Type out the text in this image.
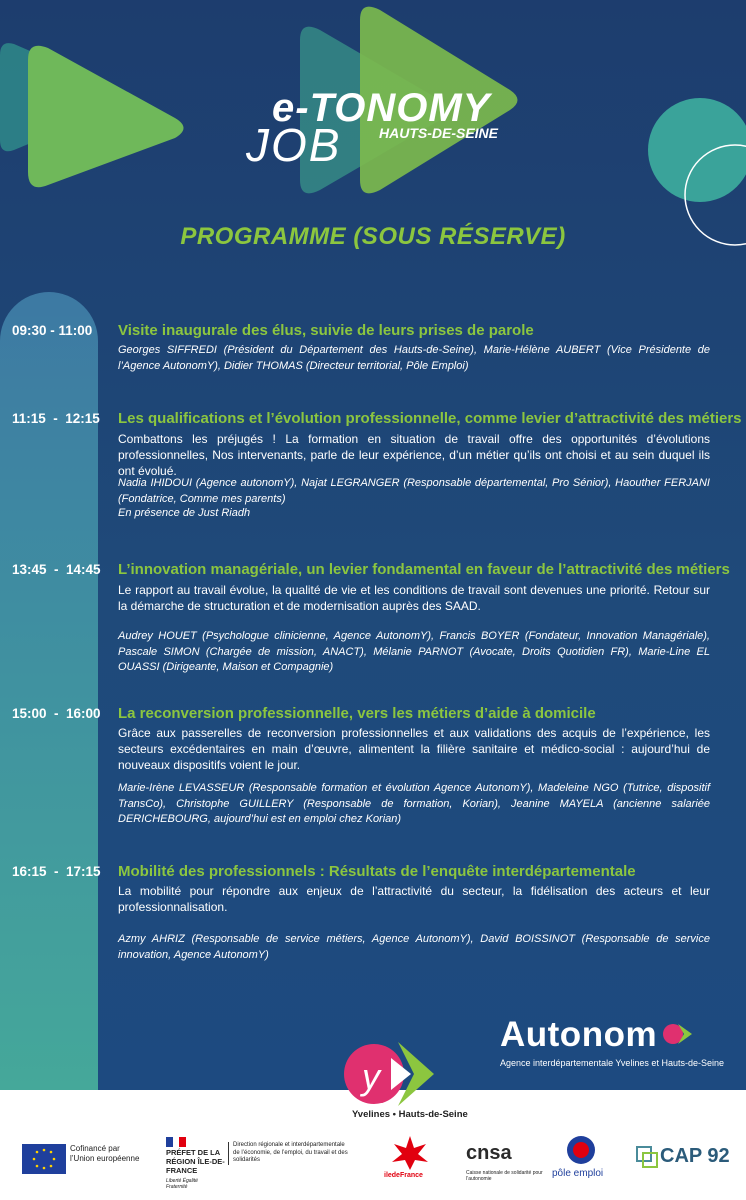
e-TONOMY
JOB	HAUTS-DE-SEINE
PROGRAMME (SOUS RÉSERVE)
09:30 - 11:00 Visite inaugurale des élus, suivie de leurs prises de parole
Georges SIFFREDI (Président du Département des Hauts-de-Seine), Marie-Hélène AUBERT (Vice Présidente de l’Agence AutonomY), Didier THOMAS (Directeur territorial, Pôle Emploi)
11:15  -  12:15 Les qualifications et l’évolution professionnelle, comme levier d’attractivité des métiers
Combattons les préjugés ! La formation en situation de travail offre des opportunités d’évolutions professionnelles, Nos intervenants, parle de leur expérience, d’un métier qu’ils ont choisi et au sein duquel ils ont évolué.
Nadia IHIDOUI (Agence autonomY), Najat LEGRANGER (Responsable départemental, Pro Sénior), Haouther FERJANI (Fondatrice, Comme mes parents)
En présence de Just Riadh
13:45  -  14:45 L’innovation managériale, un levier fondamental en faveur de l’attractivité des métiers
Le rapport au travail évolue, la qualité de vie et les conditions de travail sont devenues une priorité. Retour sur la démarche de structuration et de modernisation auprès des SAAD.
Audrey HOUET (Psychologue clinicienne, Agence AutonomY), Francis BOYER (Fondateur, Innovation Managériale), Pascale SIMON (Chargée de mission, ANACT), Mélanie PARNOT (Avocate, Droits Quotidien FR), Marie-Line EL OUASSI (Dirigeante, Maison et Compagnie)
15:00  -  16:00 La reconversion professionnelle, vers les métiers d’aide à domicile
Grâce aux passerelles de reconversion professionnelles et aux validations des acquis de l’expérience, les secteurs excédentaires en main d’œuvre, alimentent la filière sanitaire et médico-social : aujourd’hui de nouveaux dispositifs voient le jour.
Marie-Irène LEVASSEUR (Responsable formation et évolution Agence AutonomY), Madeleine NGO (Tutrice, dispositif TransCo), Christophe GUILLERY (Responsable de formation, Korian), Jeanine MAYELA (ancienne salariée DERICHEBOURG, aujourd’hui est en emploi chez Korian)
16:15  -  17:15 Mobilité des professionnels : Résultats de l’enquête interdépartementale
La mobilité pour répondre aux enjeux de l’attractivité du secteur, la fidélisation des acteurs et leur professionnalisation.
Azmy AHRIZ (Responsable de service métiers, Agence AutonomY), David BOISSINOT (Responsable de service innovation, Agence AutonomY)
Autonom
Agence interdépartementale Yvelines et Hauts-de-Seine
y
Yvelines • Hauts-de-Seine
Cofinancé par l’Union européenne
PRÉFET DE LA RÉGION ÎLE-DE-FRANCE
Liberté Égalité Fraternité
Direction régionale et interdépartementale de l’économie, de l’emploi, du travail et des solidarités
iledeFrance
cnsa
Caisse nationale de solidarité pour l’autonomie	pôle emploi
CAP 92
